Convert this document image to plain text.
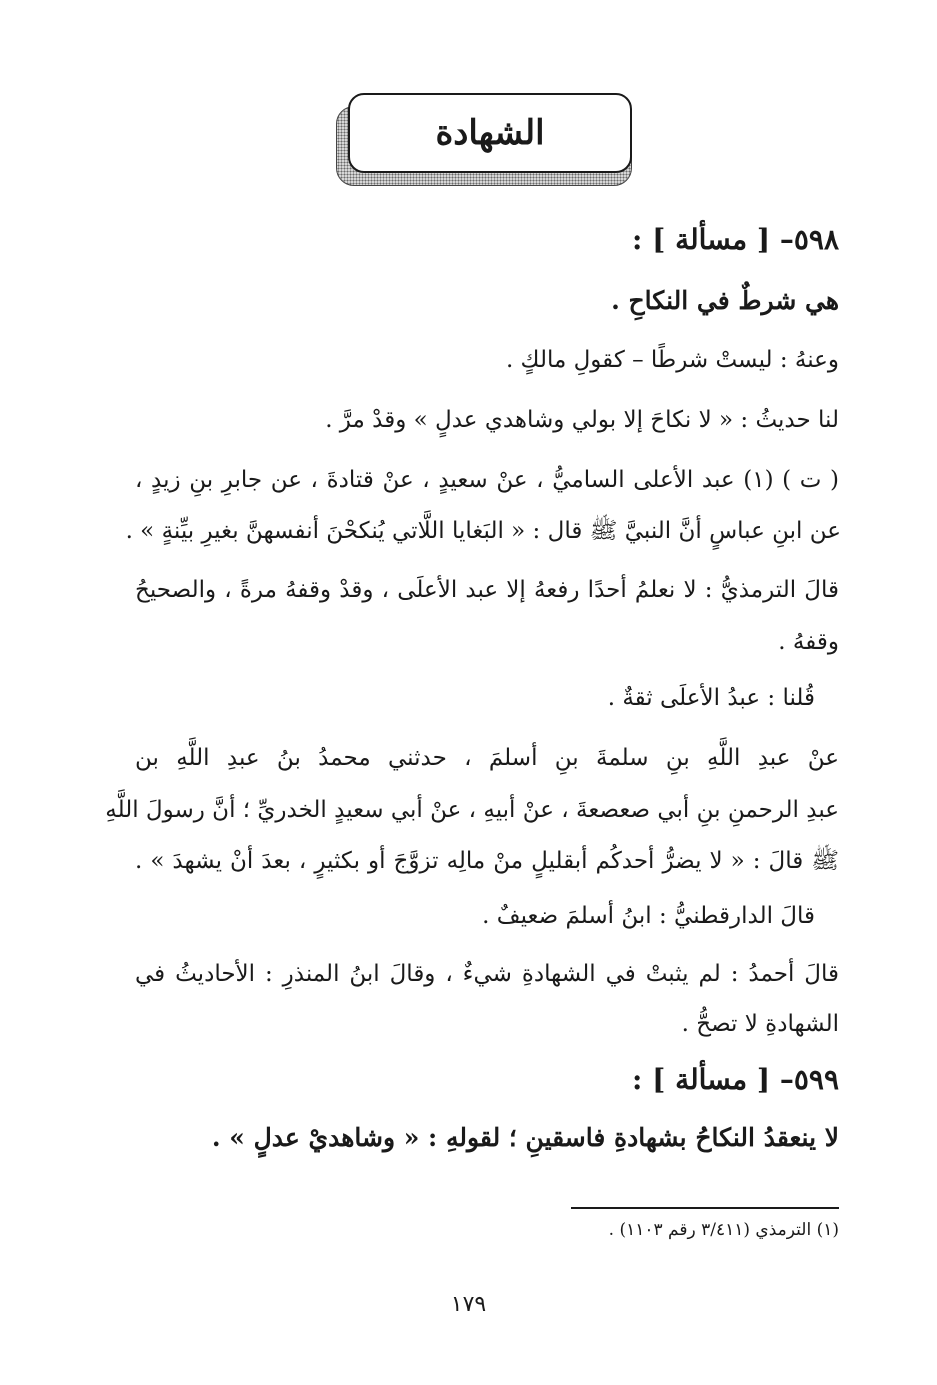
الشهادة
٥٩٨– [ مسألة ] :
هي شرطٌ في النكاحِ .
وعنهُ : ليستْ شرطًا – كقولِ مالكٍ .
لنا حديثُ : « لا نكاحَ إلا بولي وشاهدي عدلٍ » وقدْ مرَّ .
( ت ) (١) عبد الأعلى الساميُّ ، عنْ سعيدٍ ، عنْ قتادةَ ، عن جابرِ بنِ زيدٍ ،
عن ابنِ عباسٍ أنَّ النبيَّ ﷺ قال : « البَغايا اللَّاتي يُنكحْنَ أنفسهنَّ بغيرِ بيِّنةٍ » .
قالَ الترمذيُّ : لا نعلمُ أحدًا رفعهُ إلا عبد الأعلَى ، وقدْ وقفهُ مرةً ، والصحيحُ
وقفهُ .
قُلنا : عبدُ الأعلَى ثقةٌ .
عنْ عبدِ اللَّهِ بنِ سلمةَ بنِ أسلمَ ، حدثني محمدُ بنُ عبدِ اللَّهِ بن
عبدِ الرحمنِ بنِ أبي صعصعةَ ، عنْ أبيهِ ، عنْ أبي سعيدٍ الخدريِّ ؛ أنَّ رسولَ اللَّهِ
ﷺ قالَ : « لا يضرُّ أحدكُم أبقليلٍ منْ مالِه تزوَّجَ أو بكثيرٍ ، بعدَ أنْ يشهدَ » .
قالَ الدارقطنيُّ : ابنُ أسلمَ ضعيفٌ .
قالَ أحمدُ : لم يثبتْ في الشهادةِ شيءٌ ، وقالَ ابنُ المنذرِ : الأحاديثُ في
الشهادةِ لا تصحُّ .
٥٩٩– [ مسألة ] :
لا ينعقدُ النكاحُ بشهادةِ فاسقينِ ؛ لقولهِ : « وشاهديْ عدلٍ » .
(١) الترمذي (٣/٤١١ رقم ١١٠٣) .
١٧٩
